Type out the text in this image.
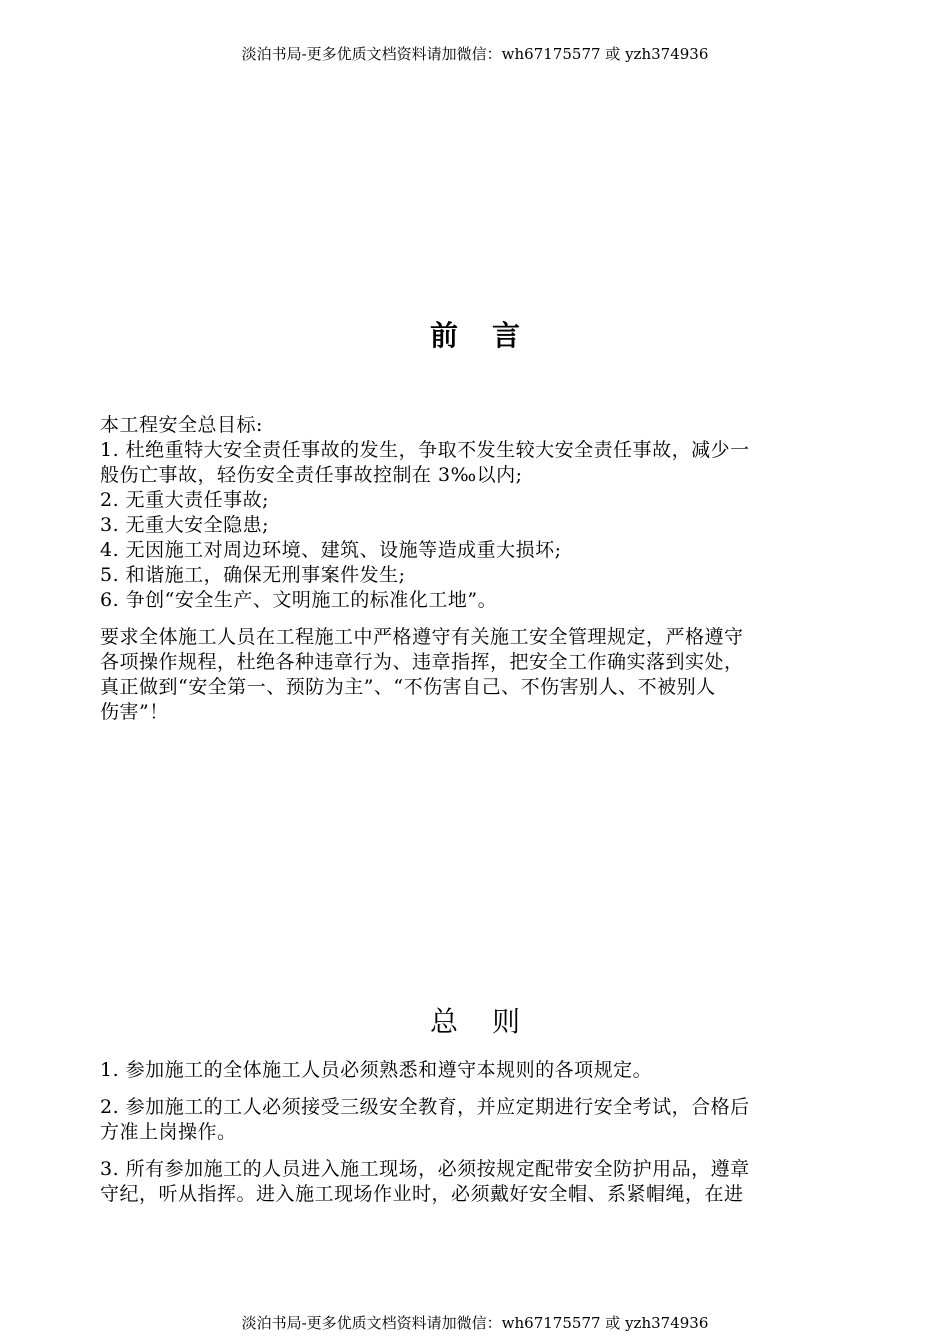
淡泊书局-更多优质文档资料请加微信：wh67175577 或 yzh374936
前言
本工程安全总目标:
1. 杜绝重特大安全责任事故的发生，争取不发生较大安全责任事故，减少一
般伤亡事故，轻伤安全责任事故控制在 3‰以内;
2. 无重大责任事故;
3. 无重大安全隐患;
4. 无因施工对周边环境、建筑、设施等造成重大损坏;
5. 和谐施工，确保无刑事案件发生;
6. 争创“安全生产、文明施工的标准化工地”。
要求全体施工人员在工程施工中严格遵守有关施工安全管理规定，严格遵守
各项操作规程，杜绝各种违章行为、违章指挥，把安全工作确实落到实处，
真正做到“安全第一、预防为主”、“不伤害自己、不伤害别人、不被别人
伤害”！
总则
1. 参加施工的全体施工人员必须熟悉和遵守本规则的各项规定。
2. 参加施工的工人必须接受三级安全教育，并应定期进行安全考试，合格后
方准上岗操作。
3. 所有参加施工的人员进入施工现场，必须按规定配带安全防护用品，遵章
守纪，听从指挥。进入施工现场作业时，必须戴好安全帽、系紧帽绳，在进
淡泊书局-更多优质文档资料请加微信：wh67175577 或 yzh374936
